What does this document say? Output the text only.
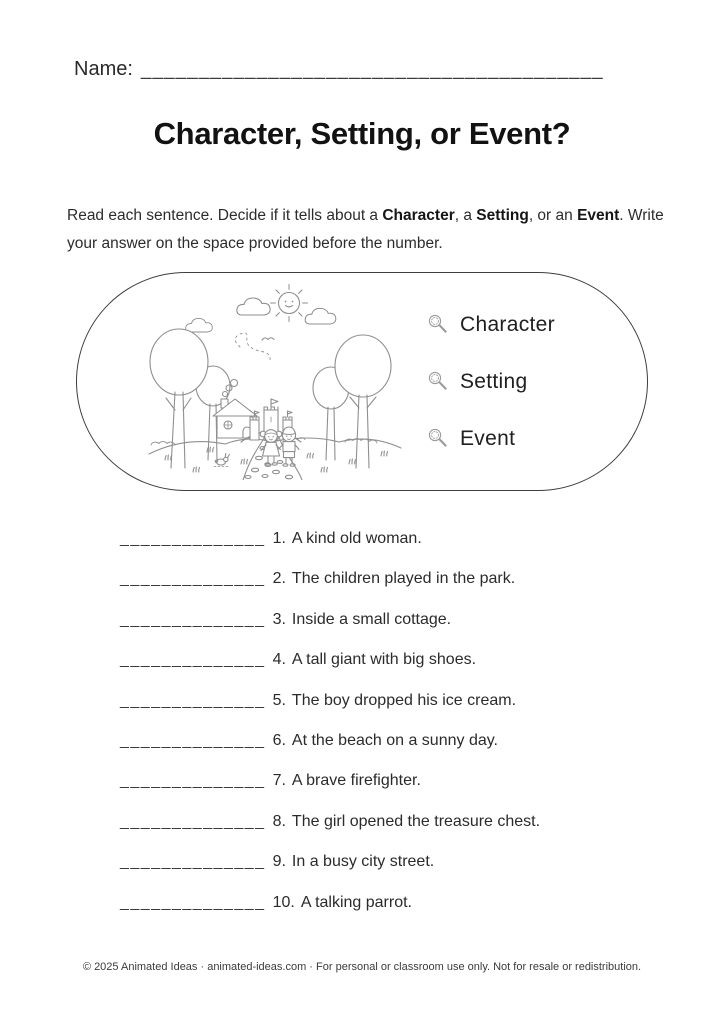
Name: ________________________________________
Character, Setting, or Event?

Read each sentence. Decide if it tells about a Character, a Setting, or an Event. Write your answer on the space provided before the number.

Character
Setting
Event
______________ 1. A kind old woman.
______________ 2. The children played in the park.
______________ 3. Inside a small cottage.
______________ 4. A tall giant with big shoes.
______________ 5. The boy dropped his ice cream.
______________ 6. At the beach on a sunny day.
______________ 7. A brave firefighter.
______________ 8. The girl opened the treasure chest.
______________ 9. In a busy city street.
______________ 10. A talking parrot.
© 2025 Animated Ideas · animated-ideas.com · For personal or classroom use only. Not for resale or redistribution.
